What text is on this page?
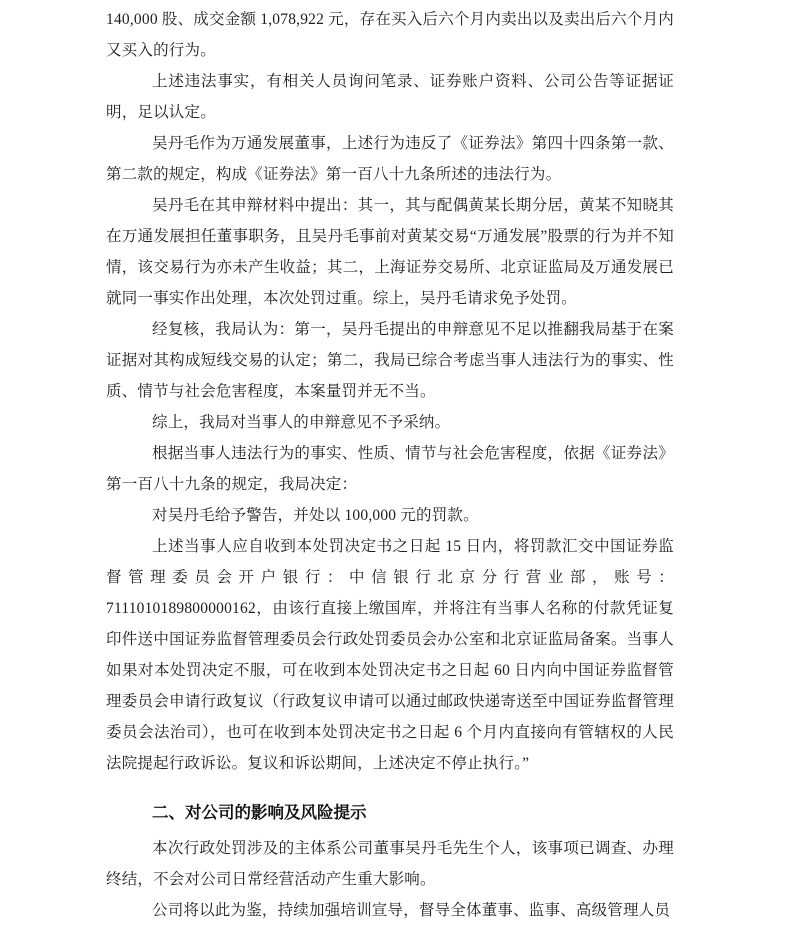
140,000 股、成交金额 1,078,922 元，存在买入后六个月内卖出以及卖出后六个月内又买入的行为。

上述违法事实，有相关人员询问笔录、证券账户资料、公司公告等证据证明，足以认定。

吴丹毛作为万通发展董事，上述行为违反了《证券法》第四十四条第一款、第二款的规定，构成《证券法》第一百八十九条所述的违法行为。

吴丹毛在其申辩材料中提出：其一，其与配偶黄某长期分居，黄某不知晓其在万通发展担任董事职务，且吴丹毛事前对黄某交易“万通发展”股票的行为并不知情，该交易行为亦未产生收益；其二，上海证券交易所、北京证监局及万通发展已就同一事实作出处理，本次处罚过重。综上，吴丹毛请求免予处罚。

经复核，我局认为：第一，吴丹毛提出的申辩意见不足以推翻我局基于在案证据对其构成短线交易的认定；第二，我局已综合考虑当事人违法行为的事实、性质、情节与社会危害程度，本案量罚并无不当。

综上，我局对当事人的申辩意见不予采纳。

根据当事人违法行为的事实、性质、情节与社会危害程度，依据《证券法》第一百八十九条的规定，我局决定：

对吴丹毛给予警告，并处以 100,000 元的罚款。

上述当事人应自收到本处罚决定书之日起 15 日内，将罚款汇交中国证券监督管理委员会开户银行：中信银行北京分行营业部，账号：7111010189800000162，由该行直接上缴国库，并将注有当事人名称的付款凭证复印件送中国证券监督管理委员会行政处罚委员会办公室和北京证监局备案。当事人如果对本处罚决定不服，可在收到本处罚决定书之日起 60 日内向中国证券监督管理委员会申请行政复议（行政复议申请可以通过邮政快递寄送至中国证券监督管理委员会法治司），也可在收到本处罚决定书之日起 6 个月内直接向有管辖权的人民法院提起行政诉讼。复议和诉讼期间，上述决定不停止执行。”

二、对公司的影响及风险提示

本次行政处罚涉及的主体系公司董事吴丹毛先生个人，该事项已调查、办理终结，不会对公司日常经营活动产生重大影响。

公司将以此为鉴，持续加强培训宣导，督导全体董事、监事、高级管理人员
